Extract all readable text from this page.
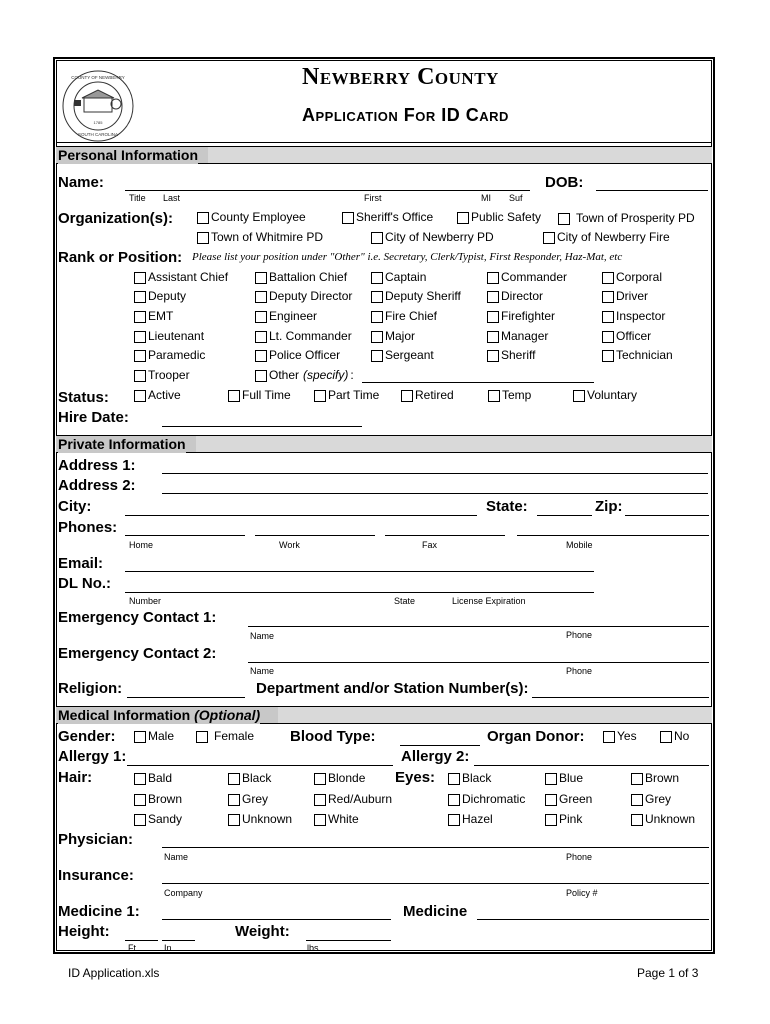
COUNTY OF NEWBERRY
SOUTH CAROLINA
1785
Newberry County
Application For ID Card
Personal Information
Name:	DOB:
Title Last	First	MI Suf
Organization(s):	County Employee	Sheriff's Office	Public Safety	Town of Prosperity PD
Town of Whitmire PD	City of Newberry PD	City of Newberry Fire
Rank or Position: Please list your position under "Other" i.e. Secretary, Clerk/Typist, First Responder, Haz-Mat, etc
Assistant Chief	Battalion Chief	Captain	Commander	Corporal
Deputy	Deputy Director	Deputy Sheriff	Director	Driver
EMT	Engineer	Fire Chief	Firefighter	Inspector
Lieutenant	Lt. Commander	Major	Manager	Officer
Paramedic	Police Officer	Sergeant	Sheriff	Technician
Trooper	Other (specify) :
Status:	Active	Full Time	Part Time	Retired	Temp	Voluntary
Hire Date:
Private Information
Address 1:
Address 2:
City:	State:	Zip:
Phones:
Home	Work	Fax	Mobile
Email:
DL No.:
Number	State	License Expiration
Emergency Contact 1:
Name	Phone
Emergency Contact 2:
Name	Phone
Religion:	Department and/or Station Number(s):
Medical Information (Optional)
Gender:	Male	Female Blood Type:	Organ Donor:	Yes	No
Allergy 1:	Allergy 2:
Hair:	Eyes:
Bald	Black	Blonde
Brown	Grey	Red/Auburn
Sandy	Unknown	White
Black	Blue	Brown
Dichromatic	Green	Grey
Hazel	Pink	Unknown
Physician:
Name	Phone
Insurance:
Company	Policy #
Medicine 1:	Medicine
Height:
Ft.	In.
Weight:
lbs.
ID Application.xls	Page 1 of 3
